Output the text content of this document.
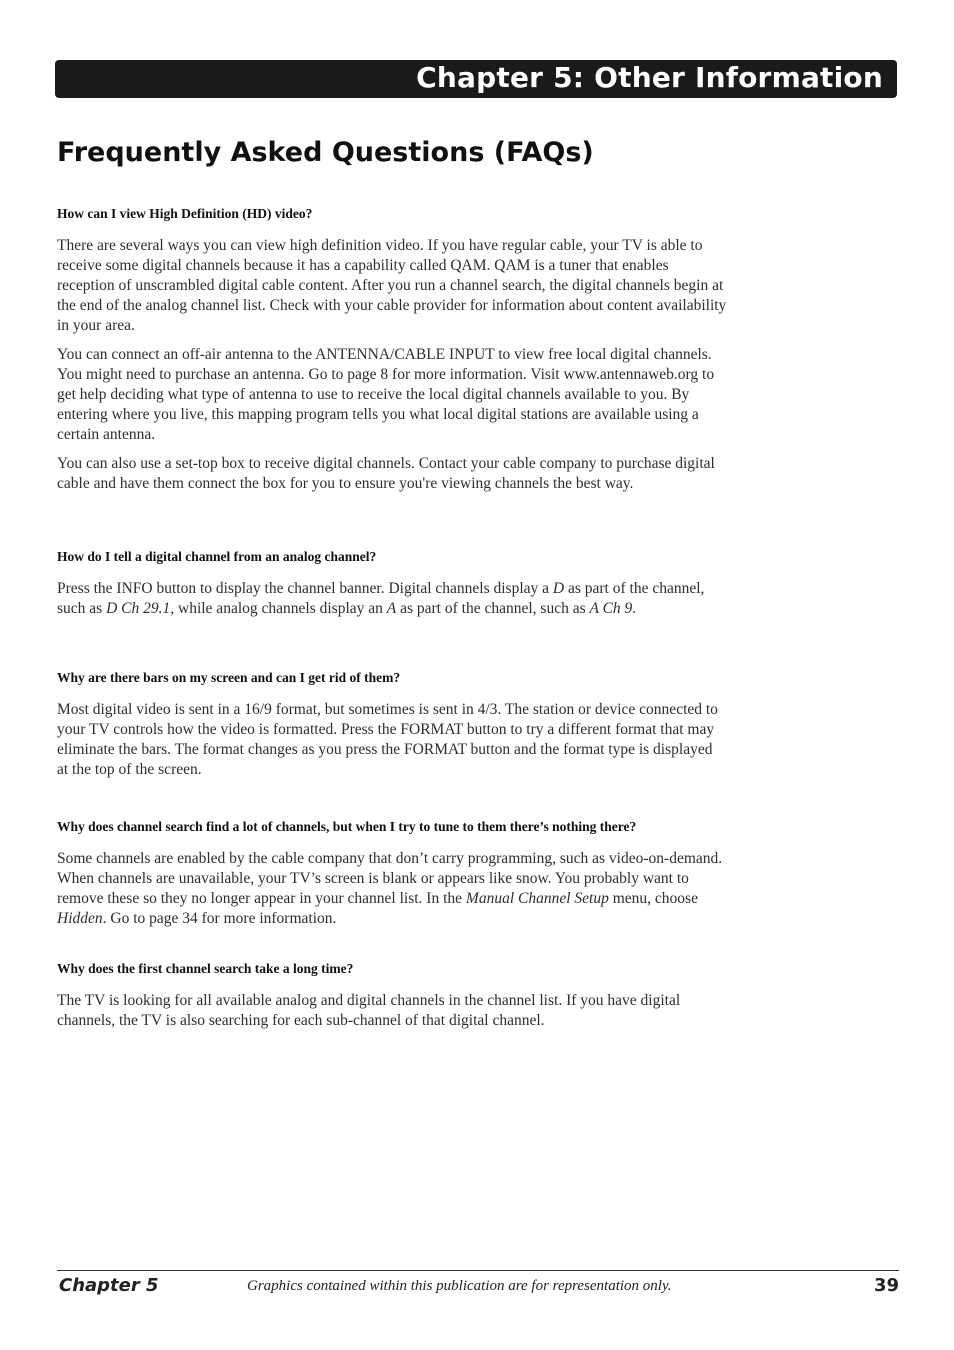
Chapter 5: Other Information
Frequently Asked Questions (FAQs)
How can I view High Definition (HD) video?

There are several ways you can view high definition video. If you have regular cable, your TV is able to receive some digital channels because it has a capability called QAM. QAM is a tuner that enables reception of unscrambled digital cable content. After you run a channel search, the digital channels begin at the end of the analog channel list. Check with your cable provider for information about content availability in your area.

You can connect an off-air antenna to the ANTENNA/CABLE INPUT to view free local digital channels. You might need to purchase an antenna. Go to page 8 for more information. Visit www.antennaweb.org to get help deciding what type of antenna to use to receive the local digital channels available to you. By entering where you live, this mapping program tells you what local digital stations are available using a certain antenna.

You can also use a set-top box to receive digital channels. Contact your cable company to purchase digital cable and have them connect the box for you to ensure you're viewing channels the best way.

How do I tell a digital channel from an analog channel?

Press the INFO button to display the channel banner. Digital channels display a D as part of the channel, such as D Ch 29.1, while analog channels display an A as part of the channel, such as A Ch 9.

Why are there bars on my screen and can I get rid of them?

Most digital video is sent in a 16/9 format, but sometimes is sent in 4/3. The station or device connected to your TV controls how the video is formatted. Press the FORMAT button to try a different format that may eliminate the bars. The format changes as you press the FORMAT button and the format type is displayed at the top of the screen.

Why does channel search find a lot of channels, but when I try to tune to them there’s nothing there?

Some channels are enabled by the cable company that don’t carry programming, such as video-on-demand. When channels are unavailable, your TV’s screen is blank or appears like snow. You probably want to remove these so they no longer appear in your channel list. In the Manual Channel Setup menu, choose Hidden. Go to page 34 for more information.

Why does the first channel search take a long time?

The TV is looking for all available analog and digital channels in the channel list. If you have digital channels, the TV is also searching for each sub-channel of that digital channel.

Chapter 5	Graphics contained within this publication are for representation only.	39
